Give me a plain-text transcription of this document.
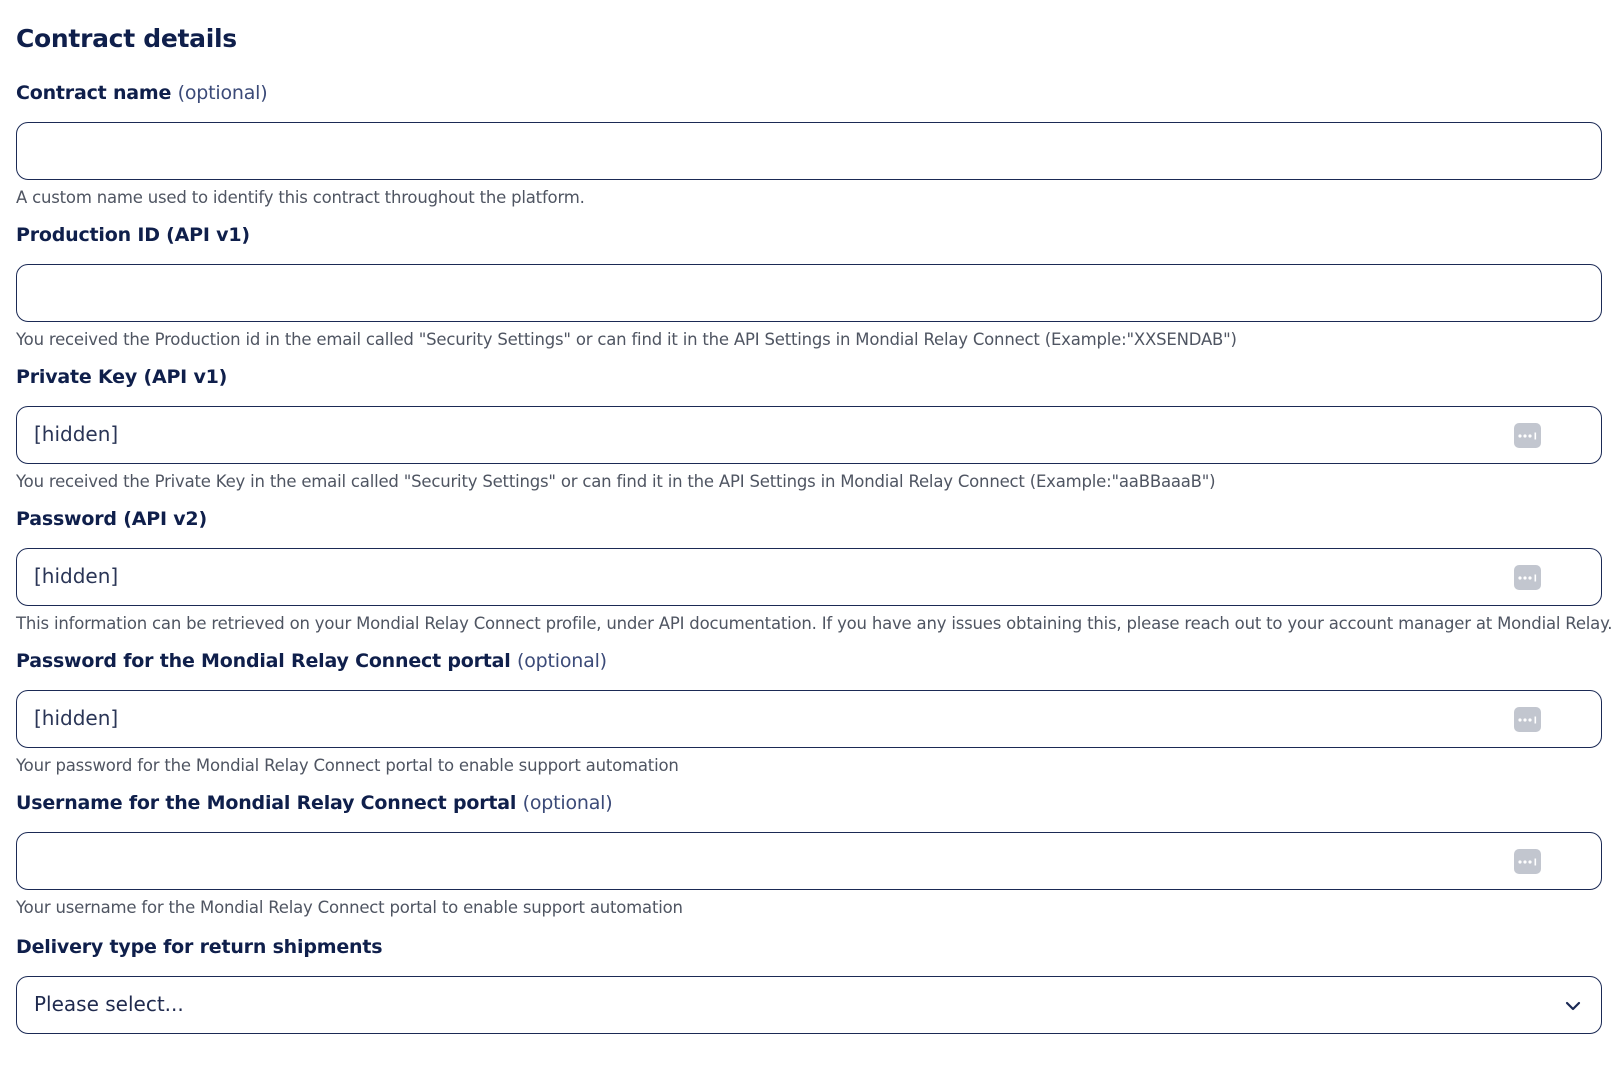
Contract details
Contract name (optional)
A custom name used to identify this contract throughout the platform.
Production ID (API v1)
You received the Production id in the email called "Security Settings" or can find it in the API Settings in Mondial Relay Connect (Example:"XXSENDAB")
Private Key (API v1)
[hidden]
You received the Private Key in the email called "Security Settings" or can find it in the API Settings in Mondial Relay Connect (Example:"aaBBaaaB")
Password (API v2)
[hidden]
This information can be retrieved on your Mondial Relay Connect profile, under API documentation. If you have any issues obtaining this, please reach out to your account manager at Mondial Relay.
Password for the Mondial Relay Connect portal (optional)
[hidden]
Your password for the Mondial Relay Connect portal to enable support automation
Username for the Mondial Relay Connect portal (optional)
Your username for the Mondial Relay Connect portal to enable support automation
Delivery type for return shipments
Please select...
